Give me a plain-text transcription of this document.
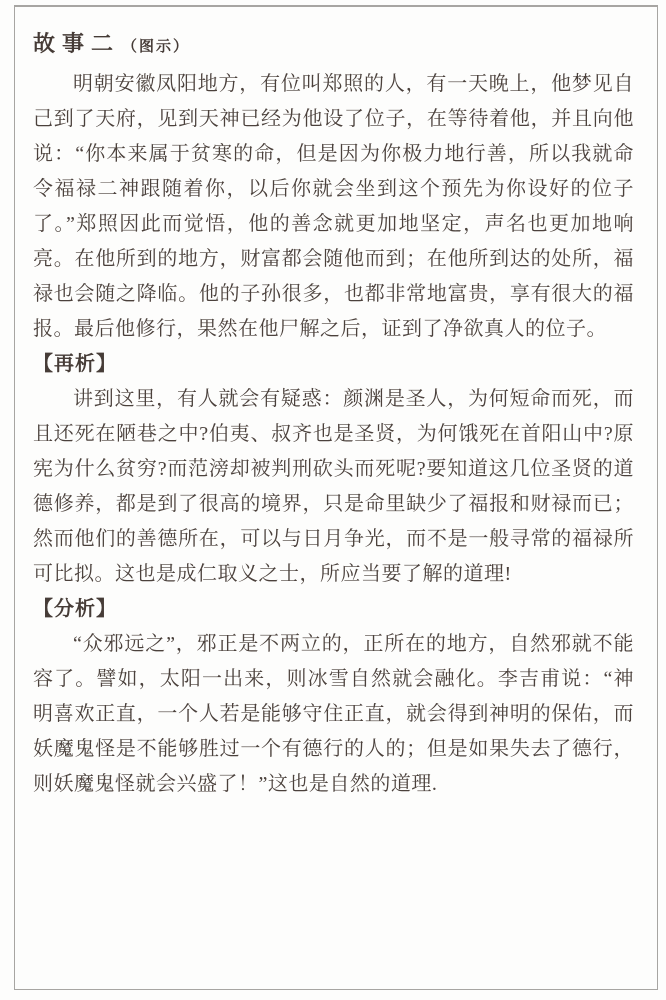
故事二 （图示）

明朝安徽凤阳地方，有位叫郑照的人，有一天晚上，他梦见自己到了天府，见到天神已经为他设了位子，在等待着他，并且向他说：“你本来属于贫寒的命，但是因为你极力地行善，所以我就命令福禄二神跟随着你，以后你就会坐到这个预先为你设好的位子了。”郑照因此而觉悟，他的善念就更加地坚定，声名也更加地响亮。在他所到的地方，财富都会随他而到；在他所到达的处所，福禄也会随之降临。他的子孙很多，也都非常地富贵，享有很大的福报。最后他修行，果然在他尸解之后，证到了净欲真人的位子。

【再析】

讲到这里，有人就会有疑惑：颜渊是圣人，为何短命而死，而且还死在陋巷之中?伯夷、叔齐也是圣贤，为何饿死在首阳山中?原宪为什么贫穷?而范滂却被判刑砍头而死呢?要知道这几位圣贤的道德修养，都是到了很高的境界，只是命里缺少了福报和财禄而已；然而他们的善德所在，可以与日月争光，而不是一般寻常的福禄所可比拟。这也是成仁取义之士，所应当要了解的道理!

【分析】

“众邪远之”，邪正是不两立的，正所在的地方，自然邪就不能容了。譬如，太阳一出来，则冰雪自然就会融化。李吉甫说：“神明喜欢正直，一个人若是能够守住正直，就会得到神明的保佑，而妖魔鬼怪是不能够胜过一个有德行的人的；但是如果失去了德行，则妖魔鬼怪就会兴盛了！”这也是自然的道理.
